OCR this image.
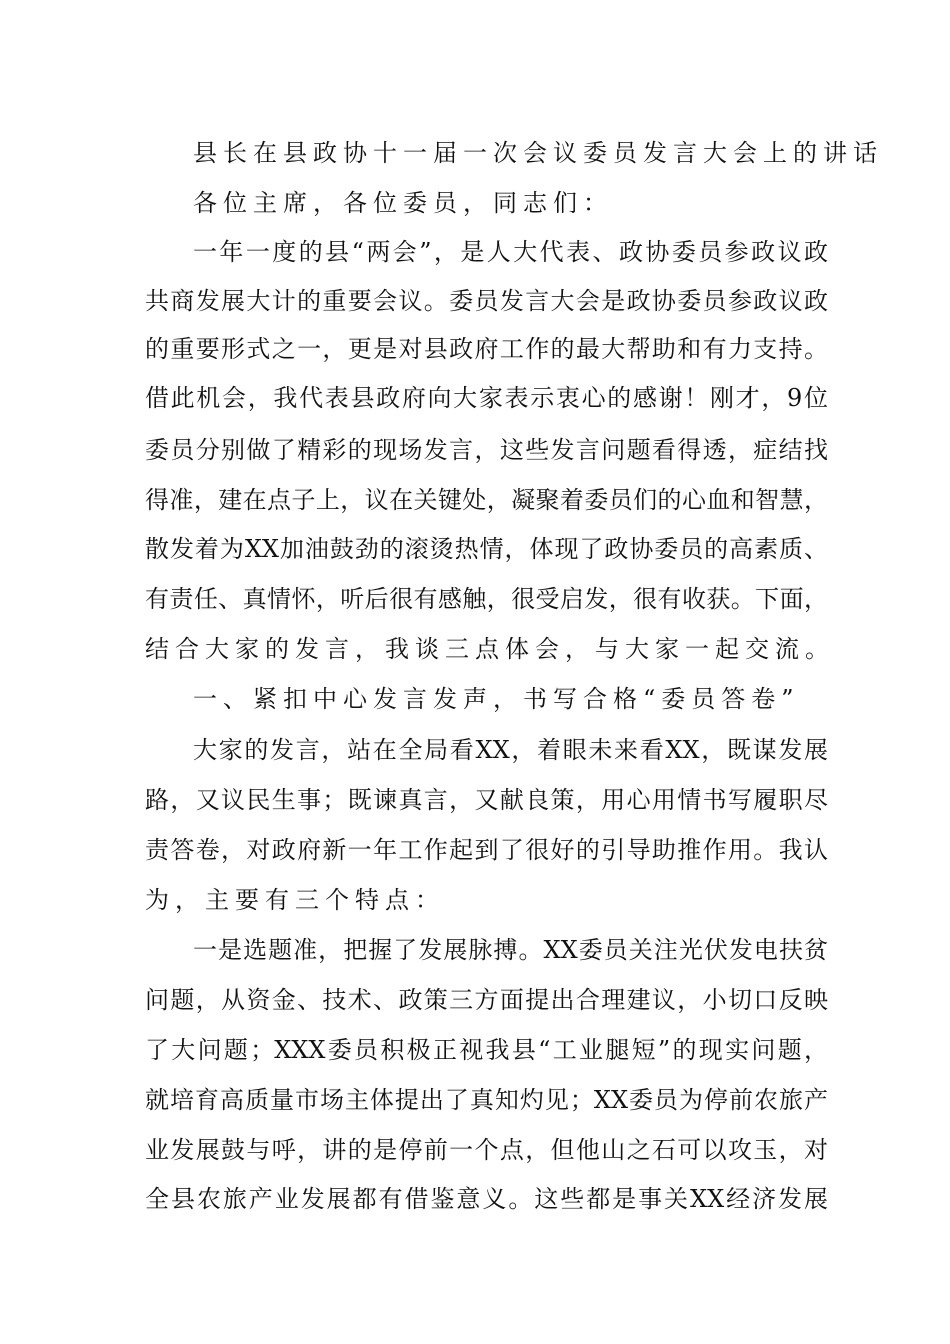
县长在县政协十一届一次会议委员发言大会上的讲话
各位主席，各位委员，同志们：
一年一度的县“两会”，是人大代表、政协委员参政议政
共商发展大计的重要会议。委员发言大会是政协委员参政议政
的重要形式之一，更是对县政府工作的最大帮助和有力支持。
借此机会，我代表县政府向大家表示衷心的感谢！刚才，9位
委员分别做了精彩的现场发言，这些发言问题看得透，症结找
得准，建在点子上，议在关键处，凝聚着委员们的心血和智慧，
散发着为XX加油鼓劲的滚烫热情，体现了政协委员的高素质、
有责任、真情怀，听后很有感触，很受启发，很有收获。下面，
结合大家的发言，我谈三点体会，与大家一起交流。
一、紧扣中心发言发声，书写合格“委员答卷”
大家的发言，站在全局看XX，着眼未来看XX，既谋发展
路，又议民生事；既谏真言，又献良策，用心用情书写履职尽
责答卷，对政府新一年工作起到了很好的引导助推作用。我认
为，主要有三个特点：
一是选题准，把握了发展脉搏。XX委员关注光伏发电扶贫
问题，从资金、技术、政策三方面提出合理建议，小切口反映
了大问题；XXX委员积极正视我县“工业腿短”的现实问题，
就培育高质量市场主体提出了真知灼见；XX委员为停前农旅产
业发展鼓与呼，讲的是停前一个点，但他山之石可以攻玉，对
全县农旅产业发展都有借鉴意义。这些都是事关XX经济发展
